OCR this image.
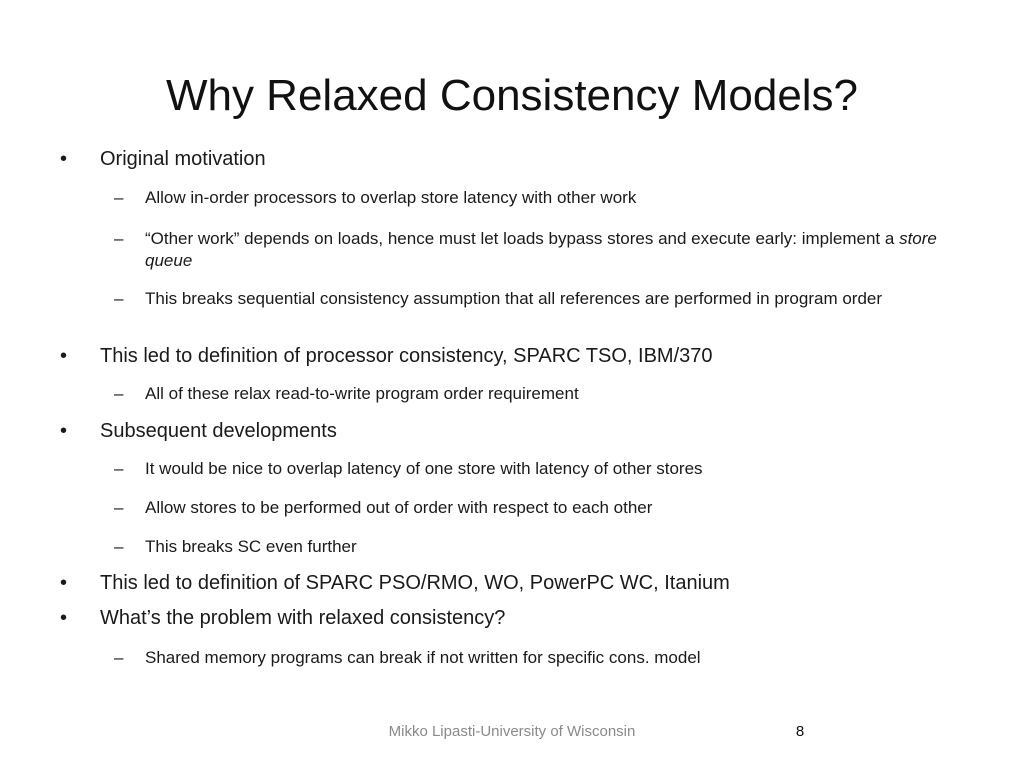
Why Relaxed Consistency Models?
• Original motivation
– Allow in-order processors to overlap store latency with other work
– “Other work” depends on loads, hence must let loads bypass stores and execute early: implement a store queue
– This breaks sequential consistency assumption that all references are performed in program order
• This led to definition of processor consistency, SPARC TSO, IBM/370
– All of these relax read-to-write program order requirement
• Subsequent developments
– It would be nice to overlap latency of one store with latency of other stores
– Allow stores to be performed out of order with respect to each other
– This breaks SC even further
• This led to definition of SPARC PSO/RMO, WO, PowerPC WC, Itanium
• What’s the problem with relaxed consistency?
– Shared memory programs can break if not written for specific cons. model
Mikko Lipasti-University of Wisconsin	8
